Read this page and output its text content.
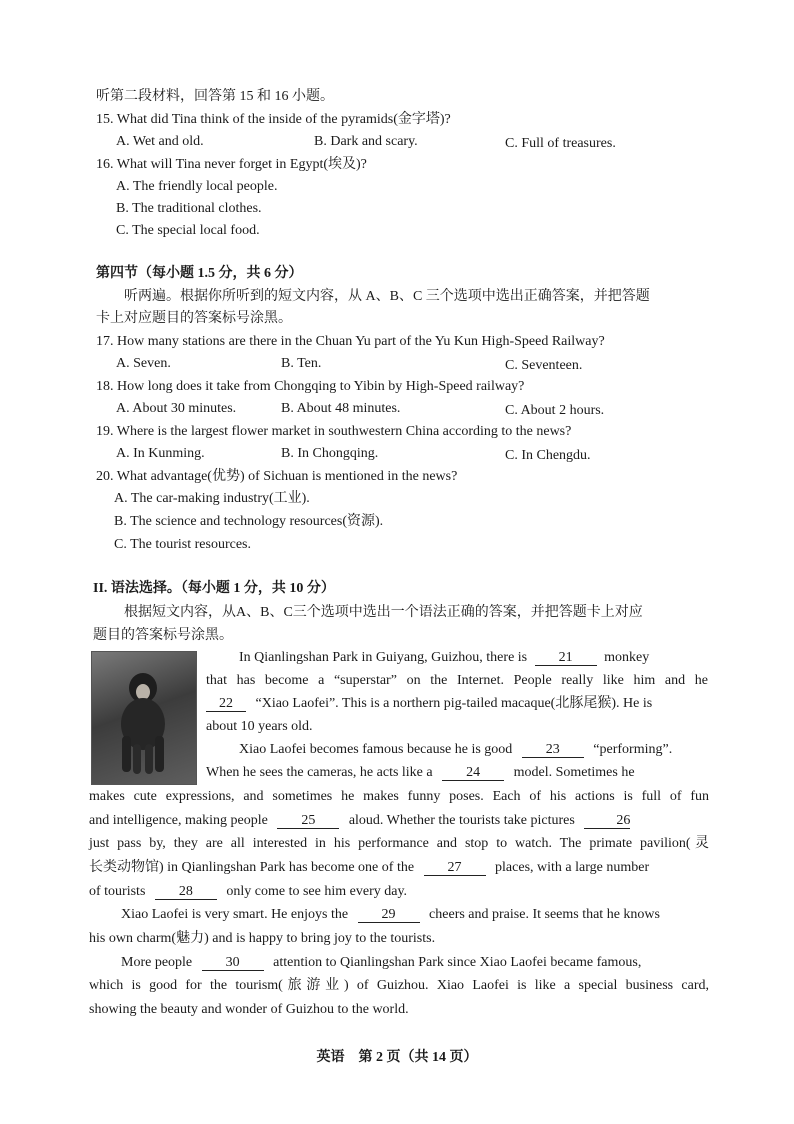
听第二段材料，回答第 15 和 16 小题。
15. What did Tina think of the inside of the pyramids(金字塔)?
A. Wet and old.	B. Dark and scary.	C. Full of treasures.
16. What will Tina never forget in Egypt(埃及)?
A. The friendly local people.
B. The traditional clothes.
C. The special local food.
第四节（每小题 1.5 分，共 6 分）
听两遍。根据你所听到的短文内容，从 A、B、C 三个选项中选出正确答案，并把答题
卡上对应题目的答案标号涂黑。
17. How many stations are there in the Chuan Yu part of the Yu Kun High-Speed Railway?
A. Seven.	B. Ten.	C. Seventeen.
18. How long does it take from Chongqing to Yibin by High-Speed railway?
A. About 30 minutes.	B. About 48 minutes.	C. About 2 hours.
19. Where is the largest flower market in southwestern China according to the news?
A. In Kunming.	B. In Chongqing.	C. In Chengdu.
20. What advantage(优势) of Sichuan is mentioned in the news?
A. The car-making industry(工业).
B. The science and technology resources(资源).
C. The tourist resources.
II. 语法选择。（每小题 1 分，共 10 分）
根据短文内容，从A、B、C三个选项中选出一个语法正确的答案，并把答题卡上对应
题目的答案标号涂黑。
In Qianlingshan Park in Guiyang, Guizhou, there is 21 monkey
that has become a “superstar” on the Internet. People really like him and he
22 “Xiao Laofei”. This is a northern pig-tailed macaque(北豚尾猴). He is
about 10 years old.
Xiao Laofei becomes famous because he is good 23 “performing”.
When he sees the cameras, he acts like a 24 model. Sometimes he
makes cute expressions, and sometimes he makes funny poses. Each of his actions is full of fun
and intelligence, making people 25 aloud. Whether the tourists take pictures	26
just pass by, they are all interested in his performance and stop to watch. The primate pavilion(灵
长类动物馆) in Qianlingshan Park has become one of the 27 places, with a large number
of tourists 28 only come to see him every day.
Xiao Laofei is very smart. He enjoys the 29 cheers and praise. It seems that he knows
his own charm(魅力) and is happy to bring joy to the tourists.
More people 30 attention to Qianlingshan Park since Xiao Laofei became famous,
which is good for the tourism(旅游业) of Guizhou. Xiao Laofei is like a special business card,
showing the beauty and wonder of Guizhou to the world.
英语　第 2 页（共 14 页）
